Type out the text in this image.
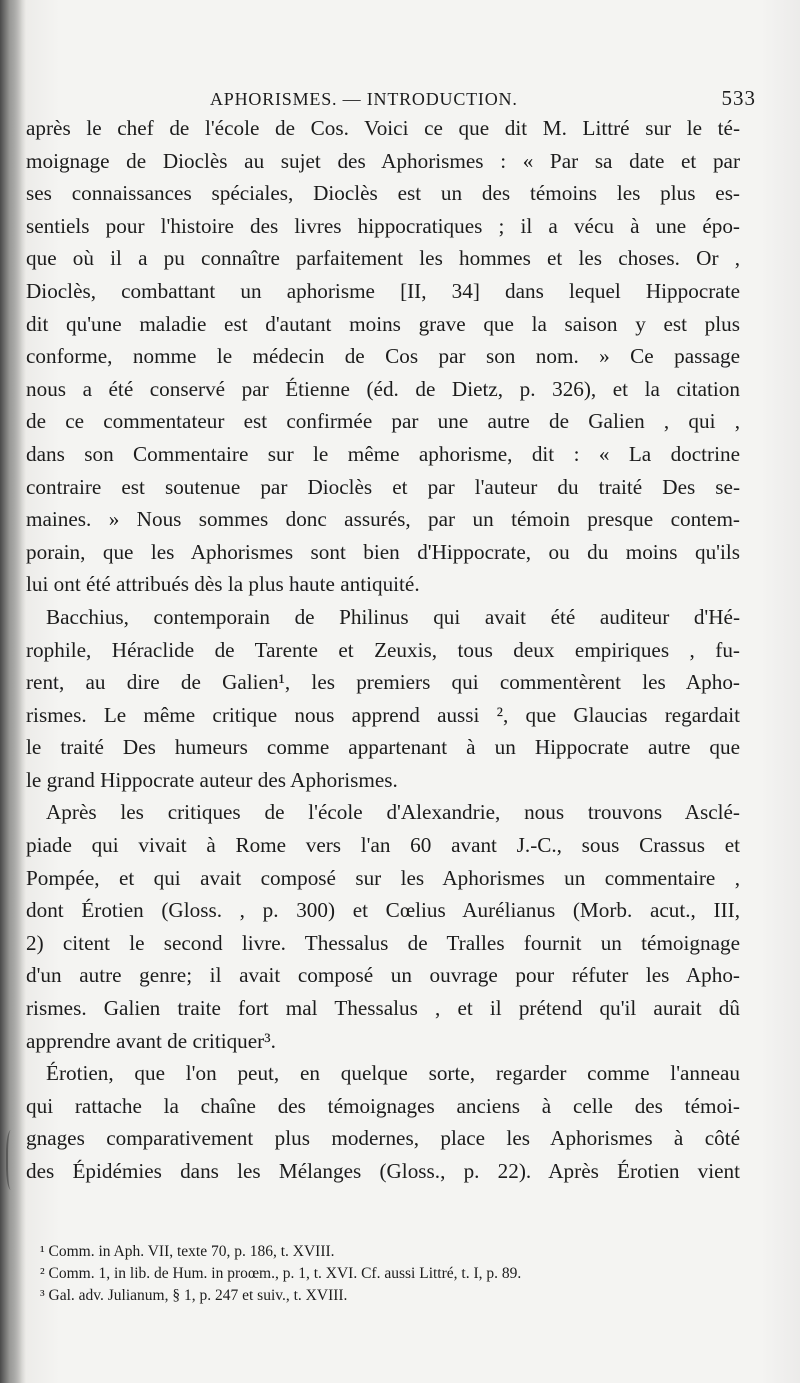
APHORISMES. — INTRODUCTION.	533
après le chef de l'école de Cos. Voici ce que dit M. Littré sur le té-
moignage de Dioclès au sujet des Aphorismes : « Par sa date et par
ses connaissances spéciales, Dioclès est un des témoins les plus es-
sentiels pour l'histoire des livres hippocratiques ; il a vécu à une épo-
que où il a pu connaître parfaitement les hommes et les choses. Or ,
Dioclès, combattant un aphorisme [II, 34] dans lequel Hippocrate
dit qu'une maladie est d'autant moins grave que la saison y est plus
conforme, nomme le médecin de Cos par son nom. » Ce passage
nous a été conservé par Étienne (éd. de Dietz, p. 326), et la citation
de ce commentateur est confirmée par une autre de Galien , qui ,
dans son Commentaire sur le même aphorisme, dit : « La doctrine
contraire est soutenue par Dioclès et par l'auteur du traité Des se-
maines. » Nous sommes donc assurés, par un témoin presque contem-
porain, que les Aphorismes sont bien d'Hippocrate, ou du moins qu'ils
lui ont été attribués dès la plus haute antiquité.
Bacchius, contemporain de Philinus qui avait été auditeur d'Hé-
rophile, Héraclide de Tarente et Zeuxis, tous deux empiriques , fu-
rent, au dire de Galien¹, les premiers qui commentèrent les Apho-
rismes. Le même critique nous apprend aussi ², que Glaucias regardait
le traité Des humeurs comme appartenant à un Hippocrate autre que
le grand Hippocrate auteur des Aphorismes.
Après les critiques de l'école d'Alexandrie, nous trouvons Asclé-
piade qui vivait à Rome vers l'an 60 avant J.-C., sous Crassus et
Pompée, et qui avait composé sur les Aphorismes un commentaire ,
dont Érotien (Gloss. , p. 300) et Cœlius Aurélianus (Morb. acut., III,
2) citent le second livre. Thessalus de Tralles fournit un témoignage
d'un autre genre; il avait composé un ouvrage pour réfuter les Apho-
rismes. Galien traite fort mal Thessalus , et il prétend qu'il aurait dû
apprendre avant de critiquer³.
Érotien, que l'on peut, en quelque sorte, regarder comme l'anneau
qui rattache la chaîne des témoignages anciens à celle des témoi-
gnages comparativement plus modernes, place les Aphorismes à côté
des Épidémies dans les Mélanges (Gloss., p. 22). Après Érotien vient
¹ Comm. in Aph. VII, texte 70, p. 186, t. XVIII.
² Comm. 1, in lib. de Hum. in proœm., p. 1, t. XVI. Cf. aussi Littré, t. I, p. 89.
³ Gal. adv. Julianum, § 1, p. 247 et suiv., t. XVIII.
